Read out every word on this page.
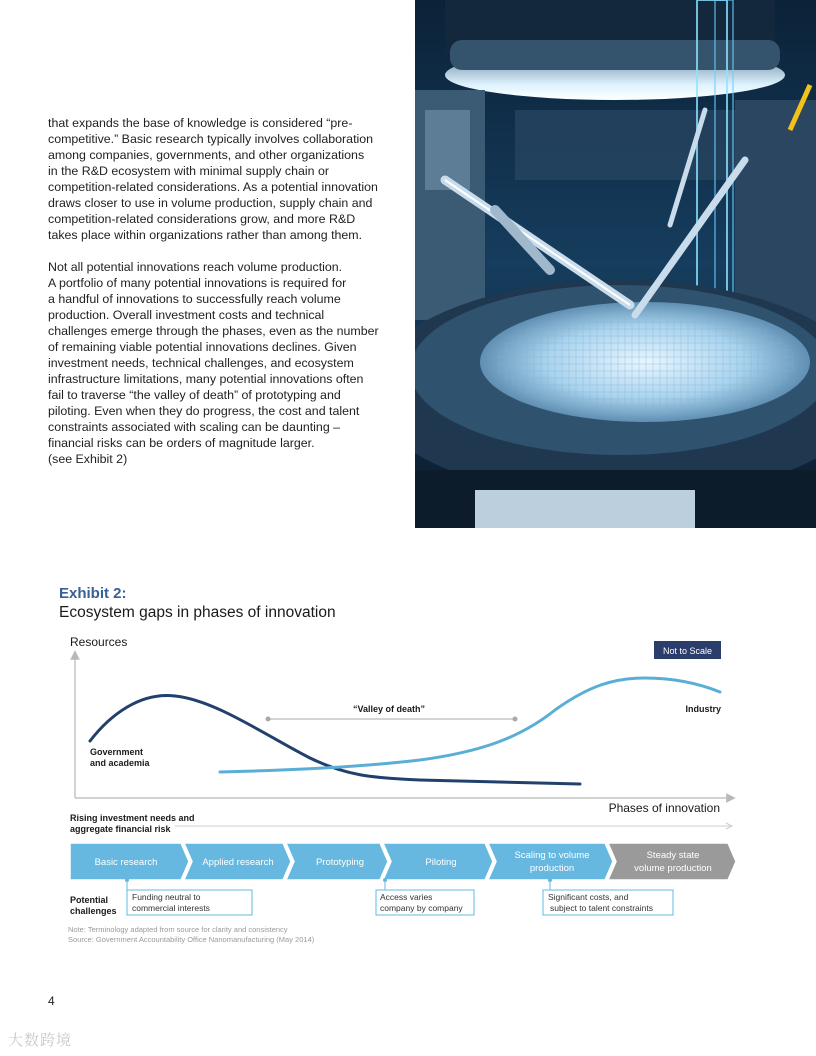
that expands the base of knowledge is considered “pre-
competitive.” Basic research typically involves collaboration
among companies, governments, and other organizations
in the R&D ecosystem with minimal supply chain or
competition-related considerations. As a potential innovation
draws closer to use in volume production, supply chain and
competition-related considerations grow, and more R&D
takes place within organizations rather than among them.

Not all potential innovations reach volume production.
A portfolio of many potential innovations is required for
a handful of innovations to successfully reach volume
production. Overall investment costs and technical
challenges emerge through the phases, even as the number
of remaining viable potential innovations declines. Given
investment needs, technical challenges, and ecosystem
infrastructure limitations, many potential innovations often
fail to traverse “the valley of death” of prototyping and
piloting. Even when they do progress, the cost and talent
constraints associated with scaling can be daunting –
financial risks can be orders of magnitude larger.
(see Exhibit 2)

Exhibit 2:
Ecosystem gaps in phases of innovation
Resources
Phases of innovation
Not to Scale
“Valley of death”	Industry
Government
and academia
Rising investment needs and
aggregate financial risk
Basic research	Applied research	Prototyping	Piloting
Scaling to volume
production
Steady state
volume production
Potential
challenges
Funding neutral to
commercial interests
Access varies
company by company
Significant costs, and
subject to talent constraints
Note: Terminology adapted from source for clarity and consistency
Source: Government Accountability Office Nanomanufacturing (May 2014)
4
大数跨境
